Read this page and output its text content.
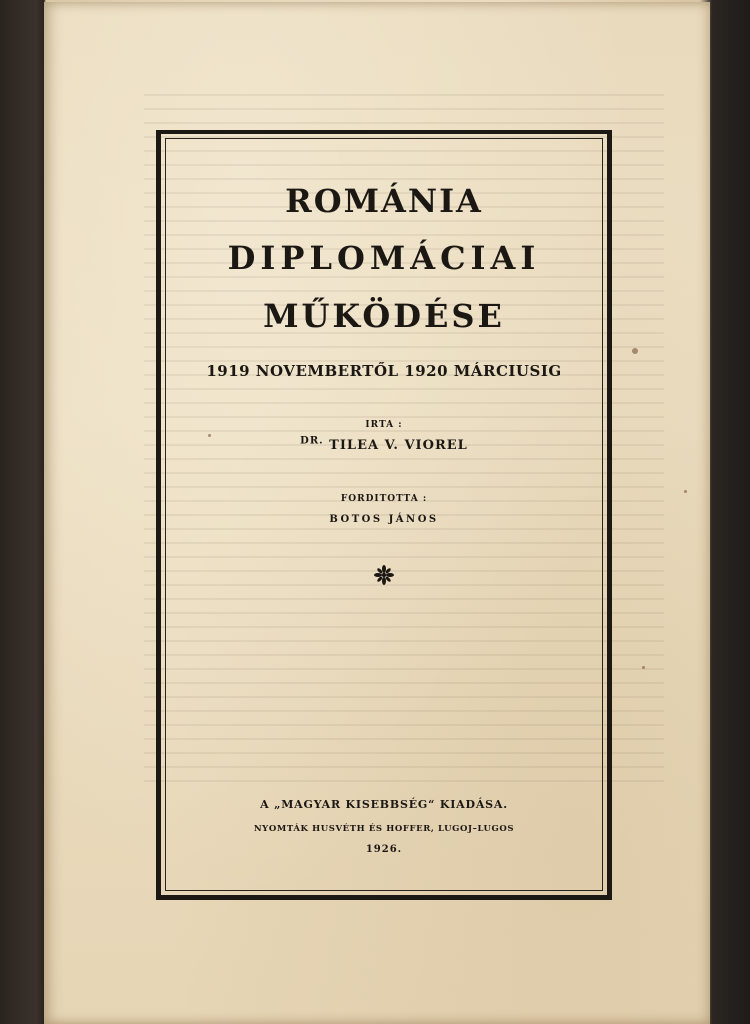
ROMÁNIA
DIPLOMÁCIAI
MŰKÖDÉSE
1919 NOVEMBERTŐL 1920 MÁRCIUSIG
IRTA :
$^{DR.}$ TILEA V. VIOREL
FORDITOTTA :
BOTOS JÁNOS
A „MAGYAR KISEBBSÉG“ KIADÁSA.
NYOMTÁK HUSVÉTH ÉS HOFFER, LUGOJ–LUGOS
1926.
